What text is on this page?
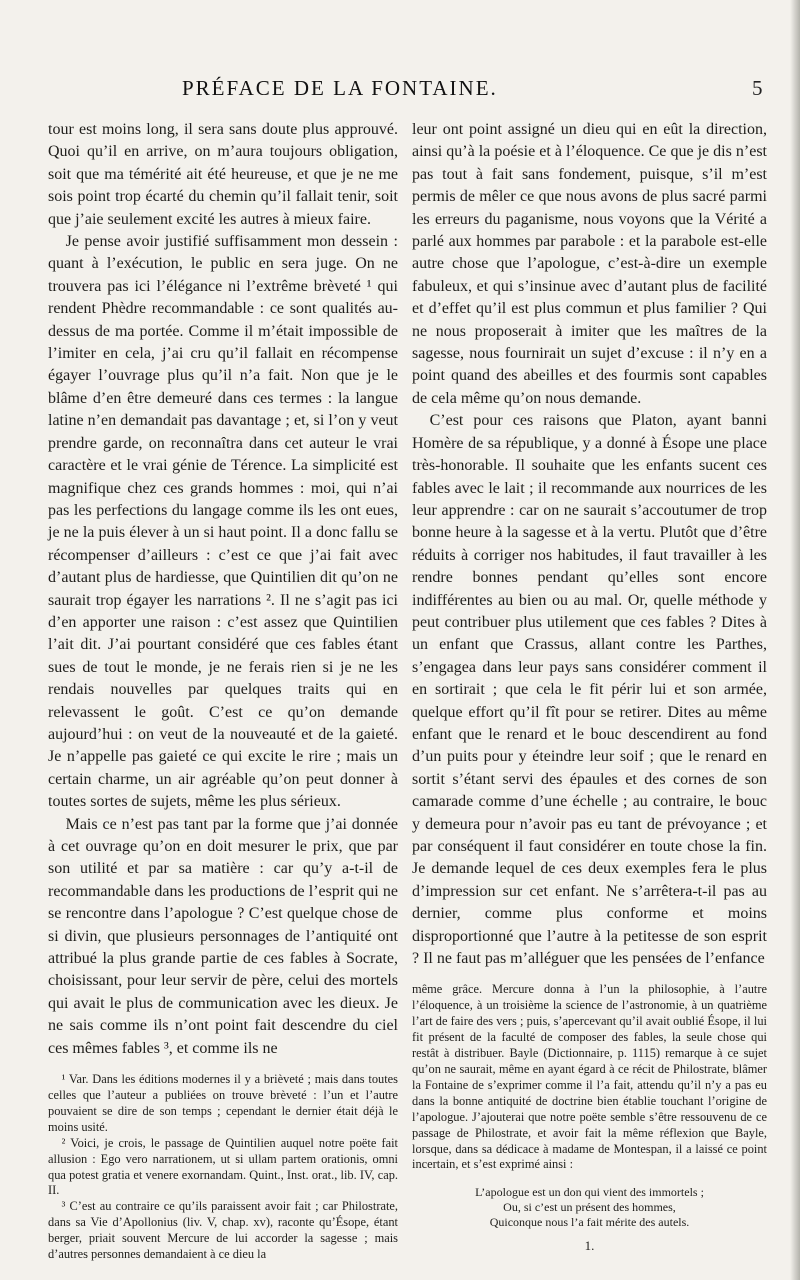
PRÉFACE DE LA FONTAINE.	5

tour est moins long, il sera sans doute plus approuvé. Quoi qu’il en arrive, on m’aura toujours obligation, soit que ma témérité ait été heureuse, et que je ne me sois point trop écarté du chemin qu’il fallait tenir, soit que j’aie seulement excité les autres à mieux faire.

Je pense avoir justifié suffisamment mon dessein : quant à l’exécution, le public en sera juge. On ne trouvera pas ici l’élégance ni l’extrême brèveté ¹ qui rendent Phèdre recommandable : ce sont qualités au-dessus de ma portée. Comme il m’était impossible de l’imiter en cela, j’ai cru qu’il fallait en récompense égayer l’ouvrage plus qu’il n’a fait. Non que je le blâme d’en être demeuré dans ces termes : la langue latine n’en demandait pas davantage ; et, si l’on y veut prendre garde, on reconnaîtra dans cet auteur le vrai caractère et le vrai génie de Térence. La simplicité est magnifique chez ces grands hommes : moi, qui n’ai pas les perfections du langage comme ils les ont eues, je ne la puis élever à un si haut point. Il a donc fallu se récompenser d’ailleurs : c’est ce que j’ai fait avec d’autant plus de hardiesse, que Quintilien dit qu’on ne saurait trop égayer les narrations ². Il ne s’agit pas ici d’en apporter une raison : c’est assez que Quintilien l’ait dit. J’ai pourtant considéré que ces fables étant sues de tout le monde, je ne ferais rien si je ne les rendais nouvelles par quelques traits qui en relevassent le goût. C’est ce qu’on demande aujourd’hui : on veut de la nouveauté et de la gaieté. Je n’appelle pas gaieté ce qui excite le rire ; mais un certain charme, un air agréable qu’on peut donner à toutes sortes de sujets, même les plus sérieux.

Mais ce n’est pas tant par la forme que j’ai donnée à cet ouvrage qu’on en doit mesurer le prix, que par son utilité et par sa matière : car qu’y a-t-il de recommandable dans les productions de l’esprit qui ne se rencontre dans l’apologue ? C’est quelque chose de si divin, que plusieurs personnages de l’antiquité ont attribué la plus grande partie de ces fables à Socrate, choisissant, pour leur servir de père, celui des mortels qui avait le plus de communication avec les dieux. Je ne sais comme ils n’ont point fait descendre du ciel ces mêmes fables ³, et comme ils ne

¹ Var. Dans les éditions modernes il y a brièveté ; mais dans toutes celles que l’auteur a publiées on trouve brèveté : l’un et l’autre pouvaient se dire de son temps ; cependant le dernier était déjà le moins usité.

² Voici, je crois, le passage de Quintilien auquel notre poëte fait allusion : Ego vero narrationem, ut si ullam partem orationis, omni qua potest gratia et venere exornandam. Quint., Inst. orat., lib. IV, cap. II.

³ C’est au contraire ce qu’ils paraissent avoir fait ; car Philostrate, dans sa Vie d’Apollonius (liv. V, chap. xv), raconte qu’Ésope, étant berger, priait souvent Mercure de lui accorder la sagesse ; mais d’autres personnes demandaient à ce dieu la

leur ont point assigné un dieu qui en eût la direction, ainsi qu’à la poésie et à l’éloquence. Ce que je dis n’est pas tout à fait sans fondement, puisque, s’il m’est permis de mêler ce que nous avons de plus sacré parmi les erreurs du paganisme, nous voyons que la Vérité a parlé aux hommes par parabole : et la parabole est-elle autre chose que l’apologue, c’est-à-dire un exemple fabuleux, et qui s’insinue avec d’autant plus de facilité et d’effet qu’il est plus commun et plus familier ? Qui ne nous proposerait à imiter que les maîtres de la sagesse, nous fournirait un sujet d’excuse : il n’y en a point quand des abeilles et des fourmis sont capables de cela même qu’on nous demande.

C’est pour ces raisons que Platon, ayant banni Homère de sa république, y a donné à Ésope une place très-honorable. Il souhaite que les enfants sucent ces fables avec le lait ; il recommande aux nourrices de les leur apprendre : car on ne saurait s’accoutumer de trop bonne heure à la sagesse et à la vertu. Plutôt que d’être réduits à corriger nos habitudes, il faut travailler à les rendre bonnes pendant qu’elles sont encore indifférentes au bien ou au mal. Or, quelle méthode y peut contribuer plus utilement que ces fables ? Dites à un enfant que Crassus, allant contre les Parthes, s’engagea dans leur pays sans considérer comment il en sortirait ; que cela le fit périr lui et son armée, quelque effort qu’il fît pour se retirer. Dites au même enfant que le renard et le bouc descendirent au fond d’un puits pour y éteindre leur soif ; que le renard en sortit s’étant servi des épaules et des cornes de son camarade comme d’une échelle ; au contraire, le bouc y demeura pour n’avoir pas eu tant de prévoyance ; et par conséquent il faut considérer en toute chose la fin. Je demande lequel de ces deux exemples fera le plus d’impression sur cet enfant. Ne s’arrêtera-t-il pas au dernier, comme plus conforme et moins disproportionné que l’autre à la petitesse de son esprit ? Il ne faut pas m’alléguer que les pensées de l’enfance

même grâce. Mercure donna à l’un la philosophie, à l’autre l’éloquence, à un troisième la science de l’astronomie, à un quatrième l’art de faire des vers ; puis, s’apercevant qu’il avait oublié Ésope, il lui fit présent de la faculté de composer des fables, la seule chose qui restât à distribuer. Bayle (Dictionnaire, p. 1115) remarque à ce sujet qu’on ne saurait, même en ayant égard à ce récit de Philostrate, blâmer la Fontaine de s’exprimer comme il l’a fait, attendu qu’il n’y a pas eu dans la bonne antiquité de doctrine bien établie touchant l’origine de l’apologue. J’ajouterai que notre poëte semble s’être ressouvenu de ce passage de Philostrate, et avoir fait la même réflexion que Bayle, lorsque, dans sa dédicace à madame de Montespan, il a laissé ce point incertain, et s’est exprimé ainsi :

L’apologue est un don qui vient des immortels ;
Ou, si c’est un présent des hommes,
Quiconque nous l’a fait mérite des autels.
1.
